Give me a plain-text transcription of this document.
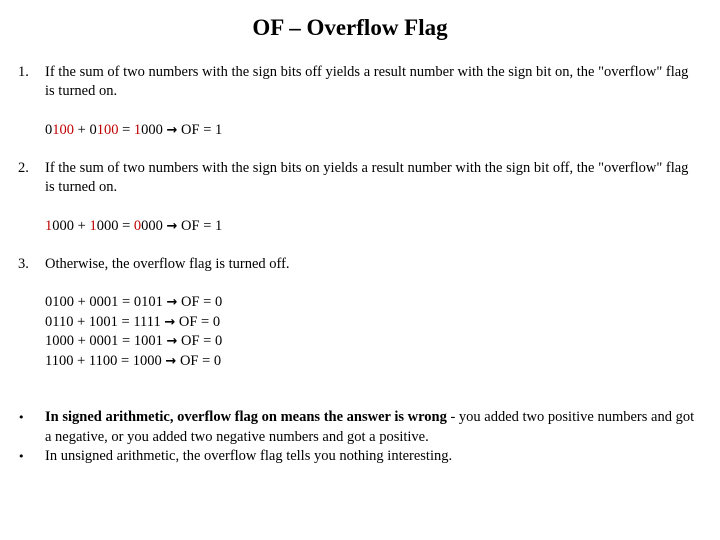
OF – Overflow Flag
1.	If the sum of two numbers with the sign bits off yields a result number with the sign bit on, the "overflow" flag is turned on.
0100 + 0100 = 1000 → OF = 1
2.	If the sum of two numbers with the sign bits on yields a result number with the sign bit off, the "overflow" flag is turned on.
1000 + 1000 = 0000 → OF = 1
3.	Otherwise, the overflow flag is turned off.
0100 + 0001 = 0101 → OF = 0
0110 + 1001 = 1111 → OF = 0
1000 + 0001 = 1001 → OF = 0
1100 + 1100 = 1000 → OF = 0
• In signed arithmetic, overflow flag on means the answer is wrong - you added two positive numbers and got a negative, or you added two negative numbers and got a positive.
• In unsigned arithmetic, the overflow flag tells you nothing interesting.
